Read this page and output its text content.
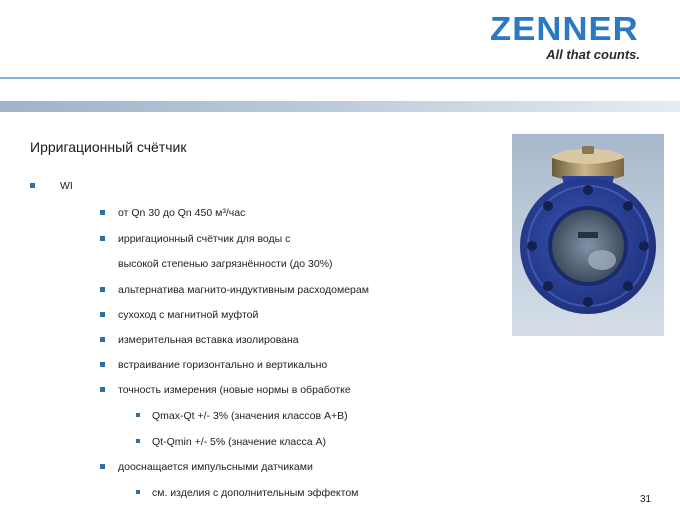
ZENNER
All that counts.
Ирригационный счётчик
WI
от Qn 30 до Qn 450 м³/час
ирригационный счётчик для воды с
высокой степенью загрязнённости (до 30%)
альтернатива магнито-индуктивным расходомерам
сухоход с магнитной муфтой
измерительная вставка изолирована
встраивание горизонтально и вертикально
точность измерения (новые нормы в обработке
Qmax-Qt +/- 3% (значения классов A+B)
Qt-Qmin +/- 5% (значение класса A)
дооснащается импульсными датчиками
см. изделия с дополнительным эффектом
31
